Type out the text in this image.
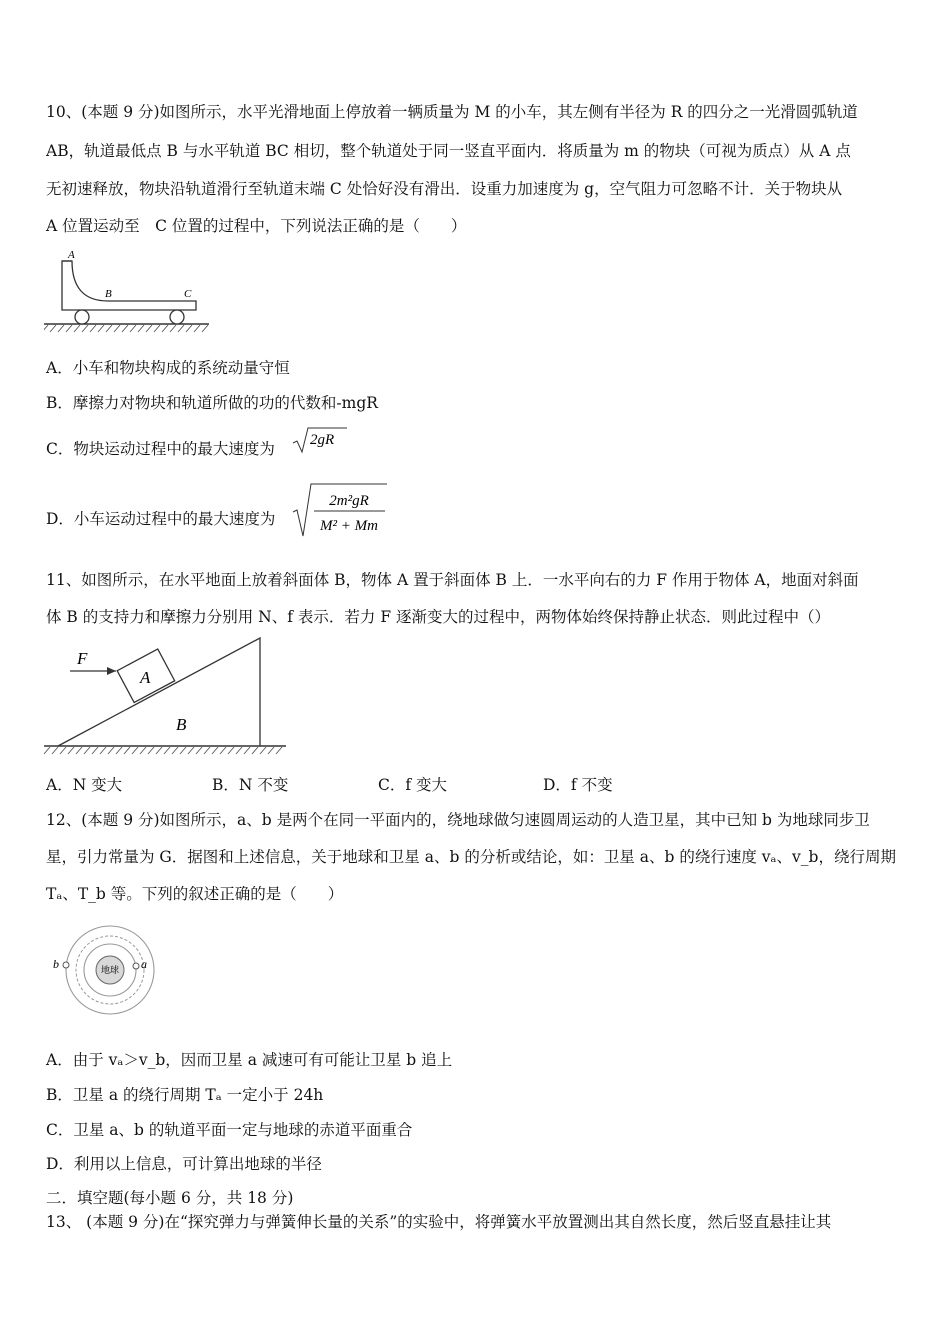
10、(本题 9 分)如图所示，水平光滑地面上停放着一辆质量为 M 的小车，其左侧有半径为 R 的四分之一光滑圆弧轨道
AB，轨道最低点 B 与水平轨道 BC 相切，整个轨道处于同一竖直平面内．将质量为 m 的物块（可视为质点）从 A 点
无初速释放，物块沿轨道滑行至轨道末端 C 处恰好没有滑出．设重力加速度为 g，空气阻力可忽略不计．关于物块从
A 位置运动至　C 位置的过程中，下列说法正确的是（　　）
A
B	C
A．小车和物块构成的系统动量守恒
B．摩擦力对物块和轨道所做的功的代数和-mgR
C．物块运动过程中的最大速度为 2gR
D．小车运动过程中的最大速度为
2m²gR
M² + Mm
11、如图所示，在水平地面上放着斜面体 B，物体 A 置于斜面体 B 上．一水平向右的力 F 作用于物体 A，地面对斜面
体 B 的支持力和摩擦力分别用 N、f 表示．若力 F 逐渐变大的过程中，两物体始终保持静止状态．则此过程中（）
F
A
B
A．N 变大	B．N 不变	C．f 变大	D．f 不变
12、(本题 9 分)如图所示，a、b 是两个在同一平面内的，绕地球做匀速圆周运动的人造卫星，其中已知 b 为地球同步卫
星，引力常量为 G．据图和上述信息，关于地球和卫星 a、b 的分析或结论，如：卫星 a、b 的绕行速度 vₐ、v_b，绕行周期
Tₐ、T_b 等。下列的叙述正确的是（　　）
地球 a
b
A．由于 vₐ＞v_b，因而卫星 a 减速可有可能让卫星 b 追上
B．卫星 a 的绕行周期 Tₐ 一定小于 24h
C．卫星 a、b 的轨道平面一定与地球的赤道平面重合
D．利用以上信息，可计算出地球的半径
二．填空题(每小题 6 分，共 18 分)
13、 (本题 9 分)在“探究弹力与弹簧伸长量的关系”的实验中，将弹簧水平放置测出其自然长度，然后竖直悬挂让其
